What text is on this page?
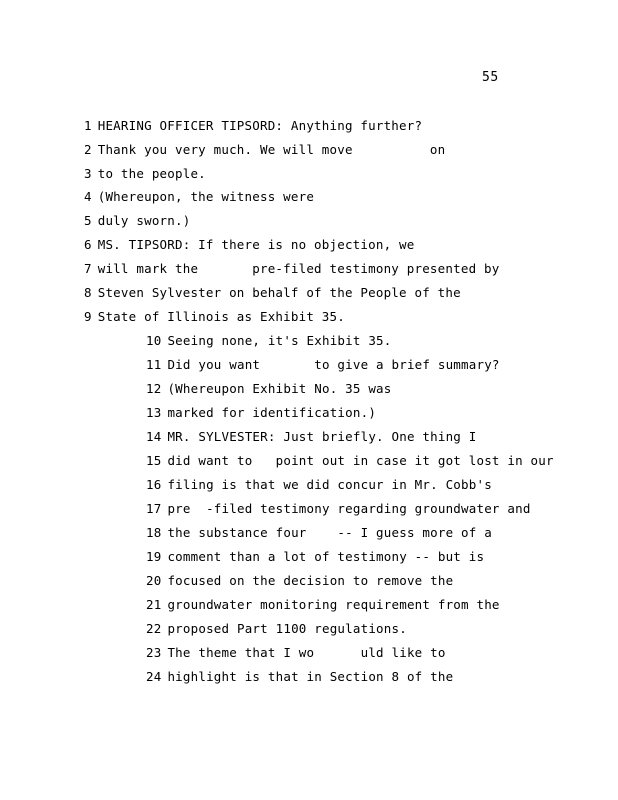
55
1 HEARING OFFICER TIPSORD: Anything further?
2 Thank you very much. We will move          on
3 to the people.
4 (Whereupon, the witness were
5 duly sworn.)
6 MS. TIPSORD: If there is no objection, we
7 will mark the       pre-filed testimony presented by
8 Steven Sylvester on behalf of the People of the
9 State of Illinois as Exhibit 35.
10 Seeing none, it's Exhibit 35.
11 Did you want       to give a brief summary?
12 (Whereupon Exhibit No. 35 was
13 marked for identification.)
14 MR. SYLVESTER: Just briefly. One thing I
15 did want to   point out in case it got lost in our
16 filing is that we did concur in Mr. Cobb's
17 pre  -filed testimony regarding groundwater and
18 the substance four    -- I guess more of a
19 comment than a lot of testimony -- but is
20 focused on the decision to remove the
21 groundwater monitoring requirement from the
22 proposed Part 1100 regulations.
23 The theme that I wo      uld like to
24 highlight is that in Section 8 of the
